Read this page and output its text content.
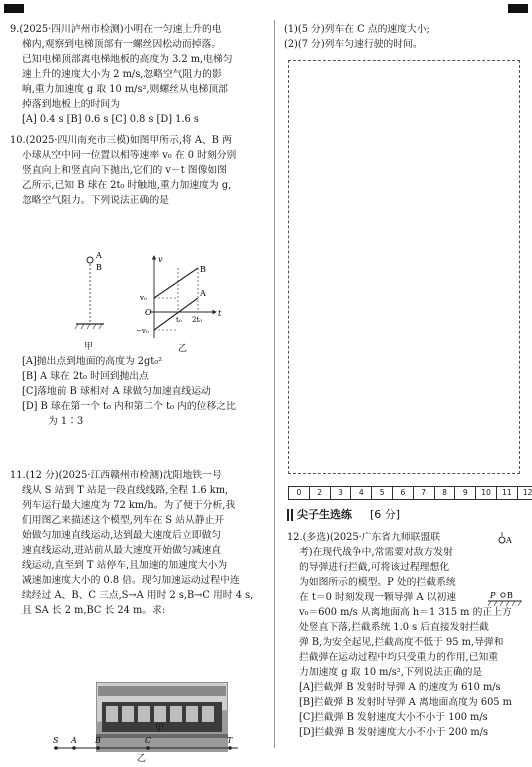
9.(2025·四川泸州市检测)小明在一匀速上升的电

梯内,观察到电梯顶部有一螺丝因松动而掉落。

已知电梯顶部离电梯地板的高度为 3.2 m,电梯匀

速上升的速度大小为 2 m/s,忽略空气阻力的影

响,重力加速度 g 取 10 m/s²,则螺丝从电梯顶部

掉落到地板上的时间为

[A] 0.4 s [B] 0.6 s [C] 0.8 s [D] 1.6 s

10.(2025·四川南充市三模)如图甲所示,将 A、B 两

小球从空中同一位置以相等速率 v₀ 在 0 时刻分别

竖直向上和竖直向下抛出,它们的 v－t 图像如图

乙所示,已知 B 球在 2t₀ 时触地,重力加速度为 g,

忽略空气阻力。下列说法正确的是

A
B
甲
v
t
v₀
O
−v₀
t₀ 2t₀
B
A
乙

[A]抛出点到地面的高度为 2gt₀²

[B] A 球在 2t₀ 时回到抛出点

[C]落地前 B 球相对 A 球做匀加速直线运动

[D] B 球在第一个 t₀ 内和第二个 t₀ 内的位移之比

为 1∶3

11.(12 分)(2025·江西赣州市检测)沈阳地铁一号

线从 S 站到 T 站是一段直线线路,全程 1.6 km,

列车运行最大速度为 72 km/h。为了便于分析,我

们用图乙来描述这个模型,列车在 S 站从静止开

始做匀加速直线运动,达到最大速度后立即做匀

速直线运动,进站前从最大速度开始做匀减速直

线运动,直至到 T 站停车,且加速的加速度大小为

减速加速度大小的 0.8 倍。现匀加速运动过程中连

续经过 A、B、C 三点,S→A 用时 2 s,B→C 用时 4 s,

且 SA 长 2 m,BC 长 24 m。求:

甲
S A B	C	T
乙

(1)(5 分)列车在 C 点的速度大小;

(2)(7 分)列车匀速行驶的时间。

0	2	3	4	5	6	7	8	9	10	11	12
尖子生选练 [6 分]

12.(多选)(2025·广东省九师联盟联

考)在现代战争中,常需要对敌方发射

的导弹进行拦截,可将该过程理想化

为如图所示的模型。P 处的拦截系统

在 t＝0 时刻发现一颗导弹 A 以初速

v₀＝600 m/s 从离地面高 h＝1 315 m 的正上方

处竖直下落,拦截系统 1.0 s 后直接发射拦截

弹 B,为安全起见,拦截高度不低于 95 m,导弹和

拦截弹在运动过程中均只受重力的作用,已知重

力加速度 g 取 10 m/s²,下列说法正确的是

[A]拦截弹 B 发射时导弹 A 的速度为 610 m/s

[B]拦截弹 B 发射时导弹 A 离地面高度为 605 m

[C]拦截弹 B 发射速度大小不小于 100 m/s

[D]拦截弹 B 发射速度大小不小于 200 m/s

A
P B
